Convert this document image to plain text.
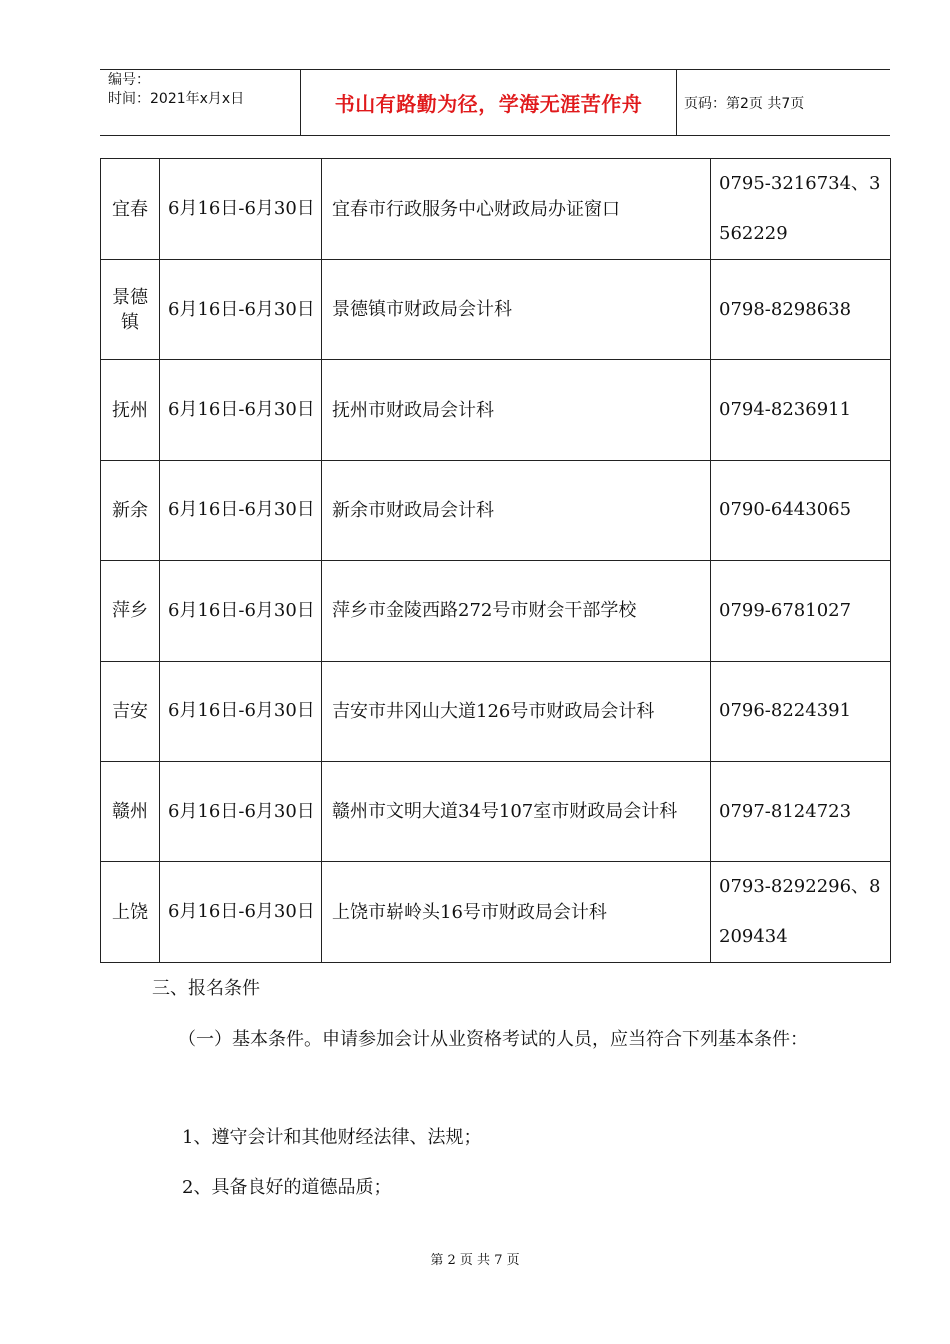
编号：
时间：2021年x月x日	书山有路勤为径，学海无涯苦作舟	页码：第2页 共7页
宜春	6月16日-6月30日	宜春市行政服务中心财政局办证窗口	0795-3216734、3562229
景德镇	6月16日-6月30日	景德镇市财政局会计科	0798-8298638
抚州	6月16日-6月30日	抚州市财政局会计科	0794-8236911
新余	6月16日-6月30日	新余市财政局会计科	0790-6443065
萍乡	6月16日-6月30日	萍乡市金陵西路272号市财会干部学校	0799-6781027
吉安	6月16日-6月30日	吉安市井冈山大道126号市财政局会计科	0796-8224391
赣州	6月16日-6月30日	赣州市文明大道34号107室市财政局会计科	0797-8124723
上饶	6月16日-6月30日	上饶市崭岭头16号市财政局会计科	0793-8292296、8209434
三、报名条件
（一）基本条件。申请参加会计从业资格考试的人员，应当符合下列基本条件：
1、遵守会计和其他财经法律、法规；
2、具备良好的道德品质；
第 2 页 共 7 页
